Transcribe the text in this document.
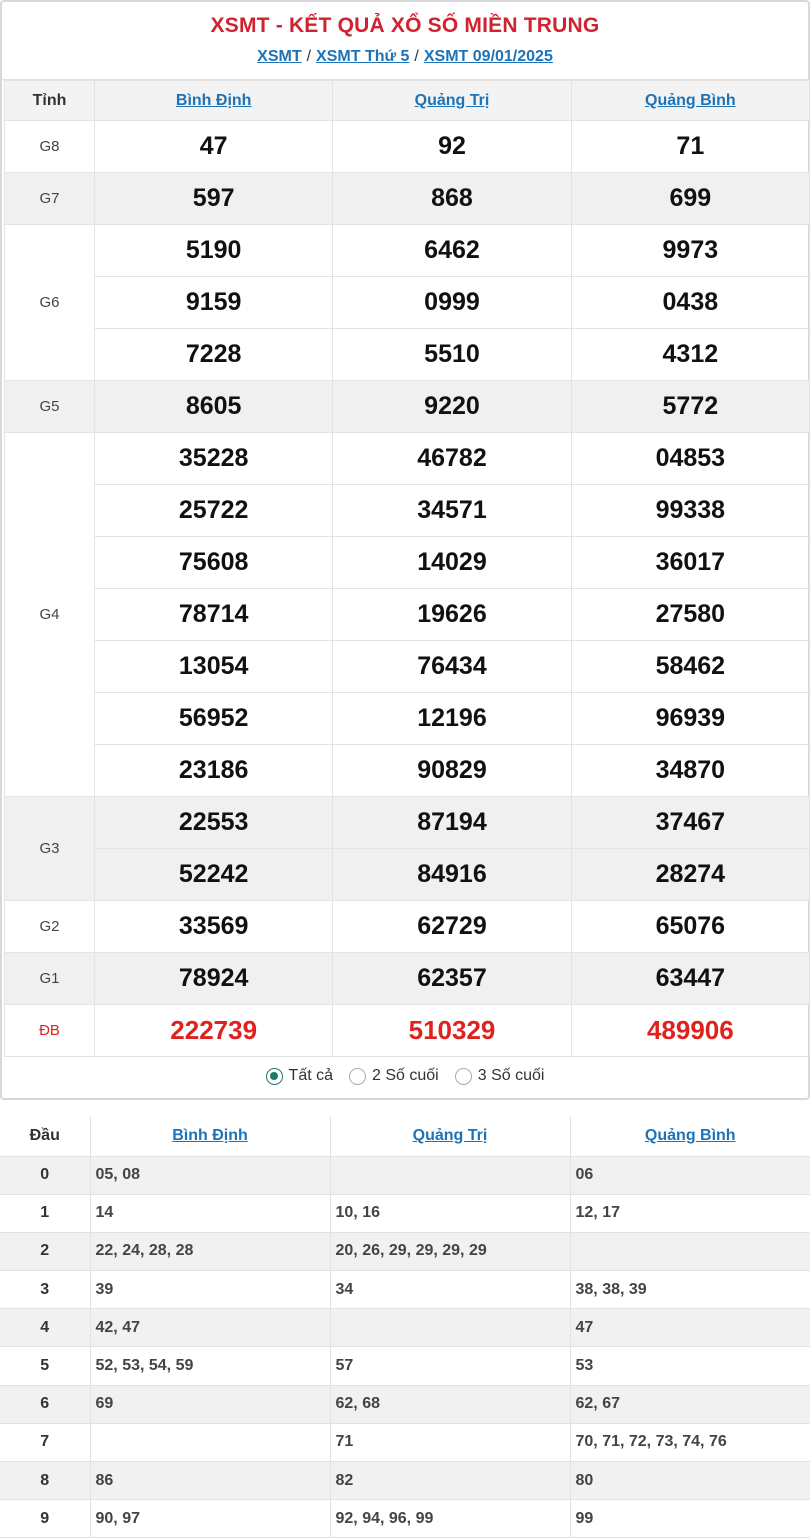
XSMT - KẾT QUẢ XỔ SỐ MIỀN TRUNG
XSMT / XSMT Thứ 5 / XSMT 09/01/2025
Tỉnh	Bình Định	Quảng Trị	Quảng Bình
G8	47	92	71
G7	597	868	699
G6	5190	6462	9973
	9159	0999	0438
	7228	5510	4312
G5	8605	9220	5772
G4	35228	46782	04853
	25722	34571	99338
	75608	14029	36017
	78714	19626	27580
	13054	76434	58462
	56952	12196	96939
	23186	90829	34870
G3	22553	87194	37467
	52242	84916	28274
G2	33569	62729	65076
G1	78924	62357	63447
ĐB	222739	510329	489906
Tất cả 2 Số cuối 3 Số cuối
Đầu	Bình Định	Quảng Trị	Quảng Bình
0	05, 08		06
1	14	10, 16	12, 17
2	22, 24, 28, 28	20, 26, 29, 29, 29, 29	
3	39	34	38, 38, 39
4	42, 47		47
5	52, 53, 54, 59	57	53
6	69	62, 68	62, 67
7		71	70, 71, 72, 73, 74, 76
8	86	82	80
9	90, 97	92, 94, 96, 99	99
